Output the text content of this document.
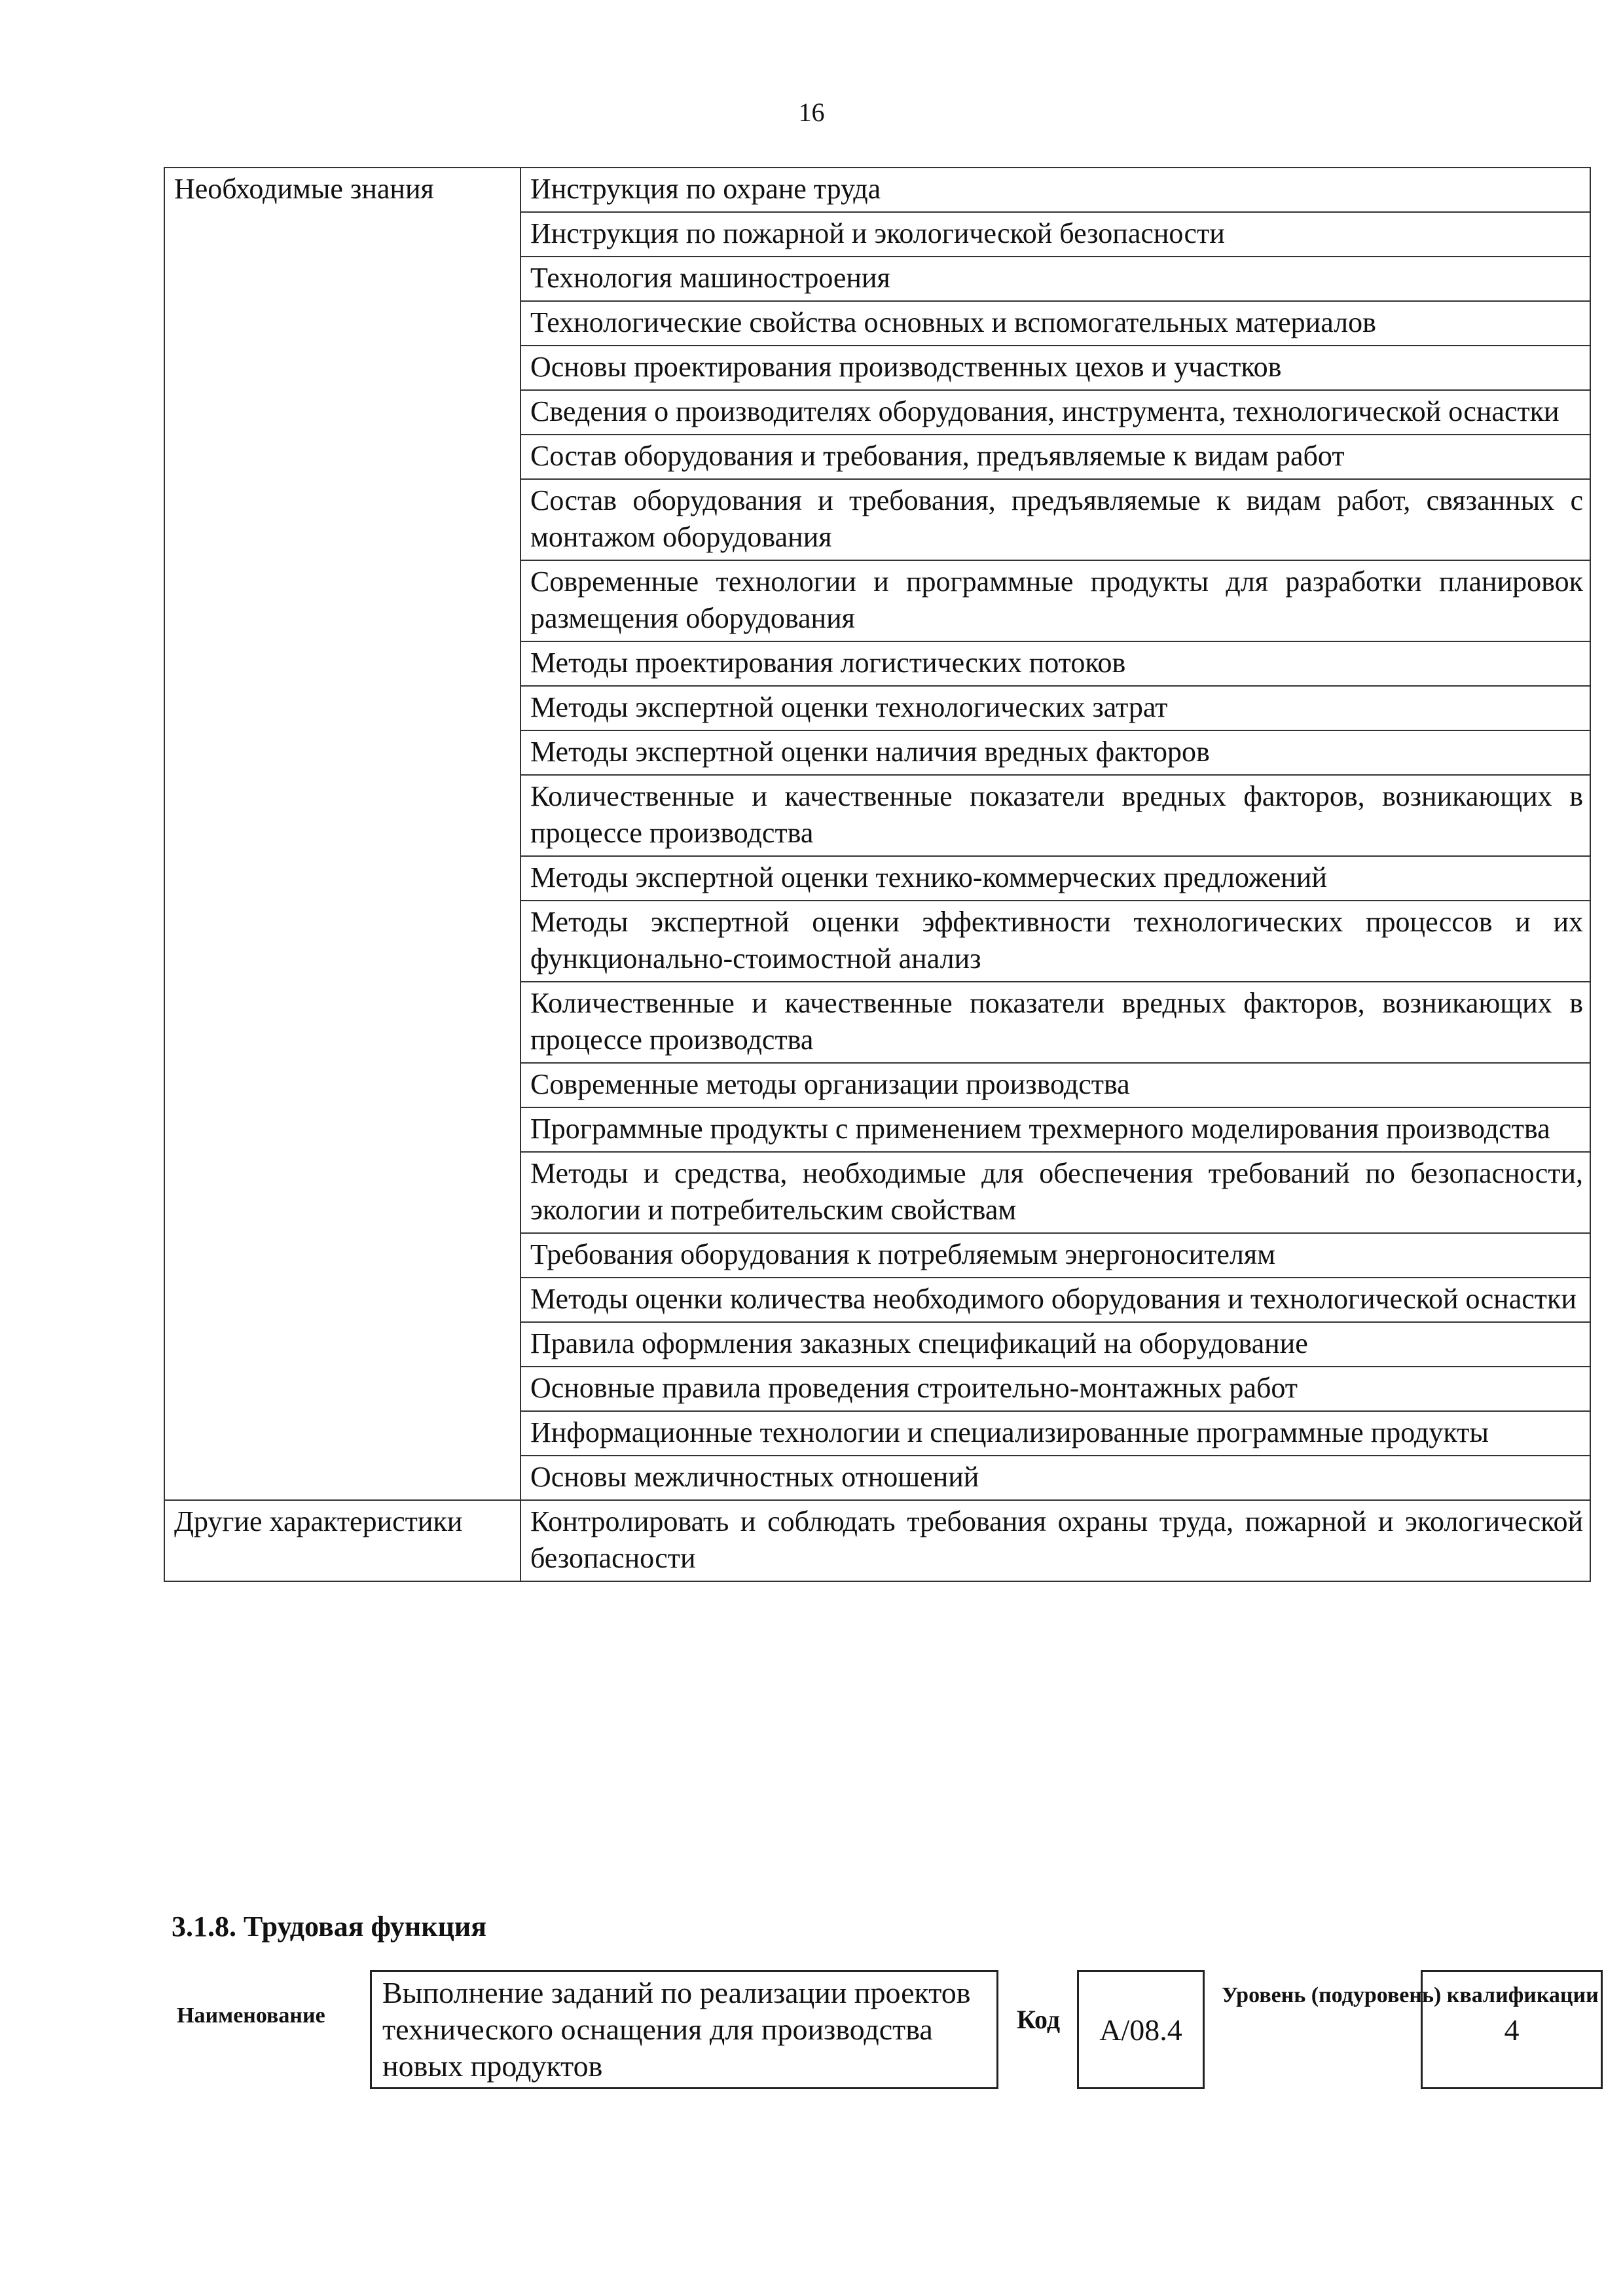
16
Необходимые знания	Инструкция по охране труда
	Инструкция по пожарной и экологической безопасности
	Технология машиностроения
	Технологические свойства основных и вспомогательных материалов
	Основы проектирования производственных цехов и участков
	Сведения о производителях оборудования, инструмента, технологической оснастки
	Состав оборудования и требования, предъявляемые к видам работ
	Состав оборудования и требования, предъявляемые к видам работ, связанных с монтажом оборудования
	Современные технологии и программные продукты для разработки планировок размещения оборудования
	Методы проектирования логистических потоков
	Методы экспертной оценки технологических затрат
	Методы экспертной оценки наличия вредных факторов
	Количественные и качественные показатели вредных факторов, возникающих в процессе производства
	Методы экспертной оценки технико-коммерческих предложений
	Методы экспертной оценки эффективности технологических процессов и их функционально-стоимостной анализ
	Количественные и качественные показатели вредных факторов, возникающих в процессе производства
	Современные методы организации производства
	Программные продукты с применением трехмерного моделирования производства
	Методы и средства, необходимые для обеспечения требований по безопасности, экологии и потребительским свойствам
	Требования оборудования к потребляемым энергоносителям
	Методы оценки количества необходимого оборудования и технологической оснастки
	Правила оформления заказных спецификаций на оборудование
	Основные правила проведения строительно-монтажных работ
	Информационные технологии и специализированные программные продукты
	Основы межличностных отношений
Другие характеристики	Контролировать и соблюдать требования охраны труда, пожарной и экологической безопасности
3.1.8. Трудовая функция
Наименование
Выполнение заданий по реализации проектов технического оснащения для производства новых продуктов
Код	А/08.4
Уровень (подуровень) квалификации
4
